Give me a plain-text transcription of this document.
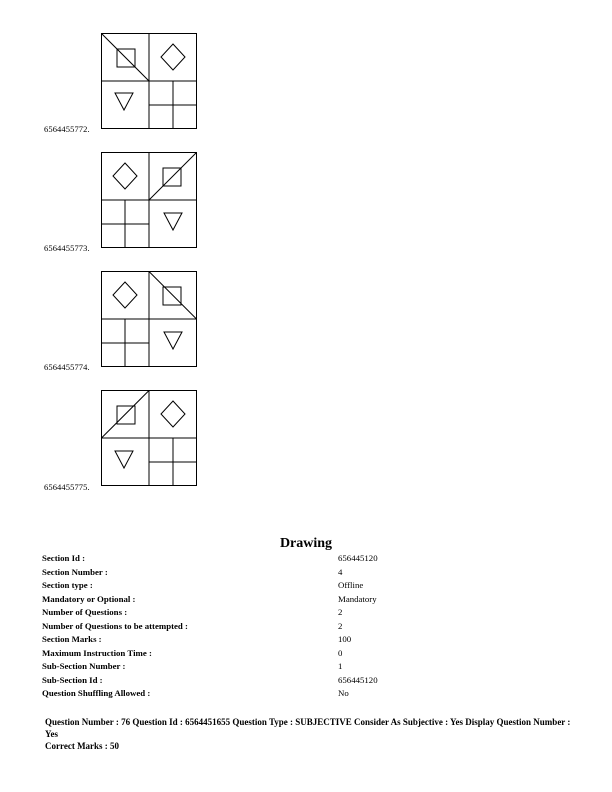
6564455772.
6564455773.
6564455774.
6564455775.
Drawing
Section Id :	656445120
Section Number :	4
Section type :	Offline
Mandatory or Optional :	Mandatory
Number of Questions :	2
Number of Questions to be attempted :	2
Section Marks :	100
Maximum Instruction Time :	0
Sub-Section Number :	1
Sub-Section Id :	656445120
Question Shuffling Allowed :	No
Question Number : 76 Question Id : 6564451655 Question Type : SUBJECTIVE Consider As Subjective : Yes Display Question Number : Yes
Correct Marks : 50
